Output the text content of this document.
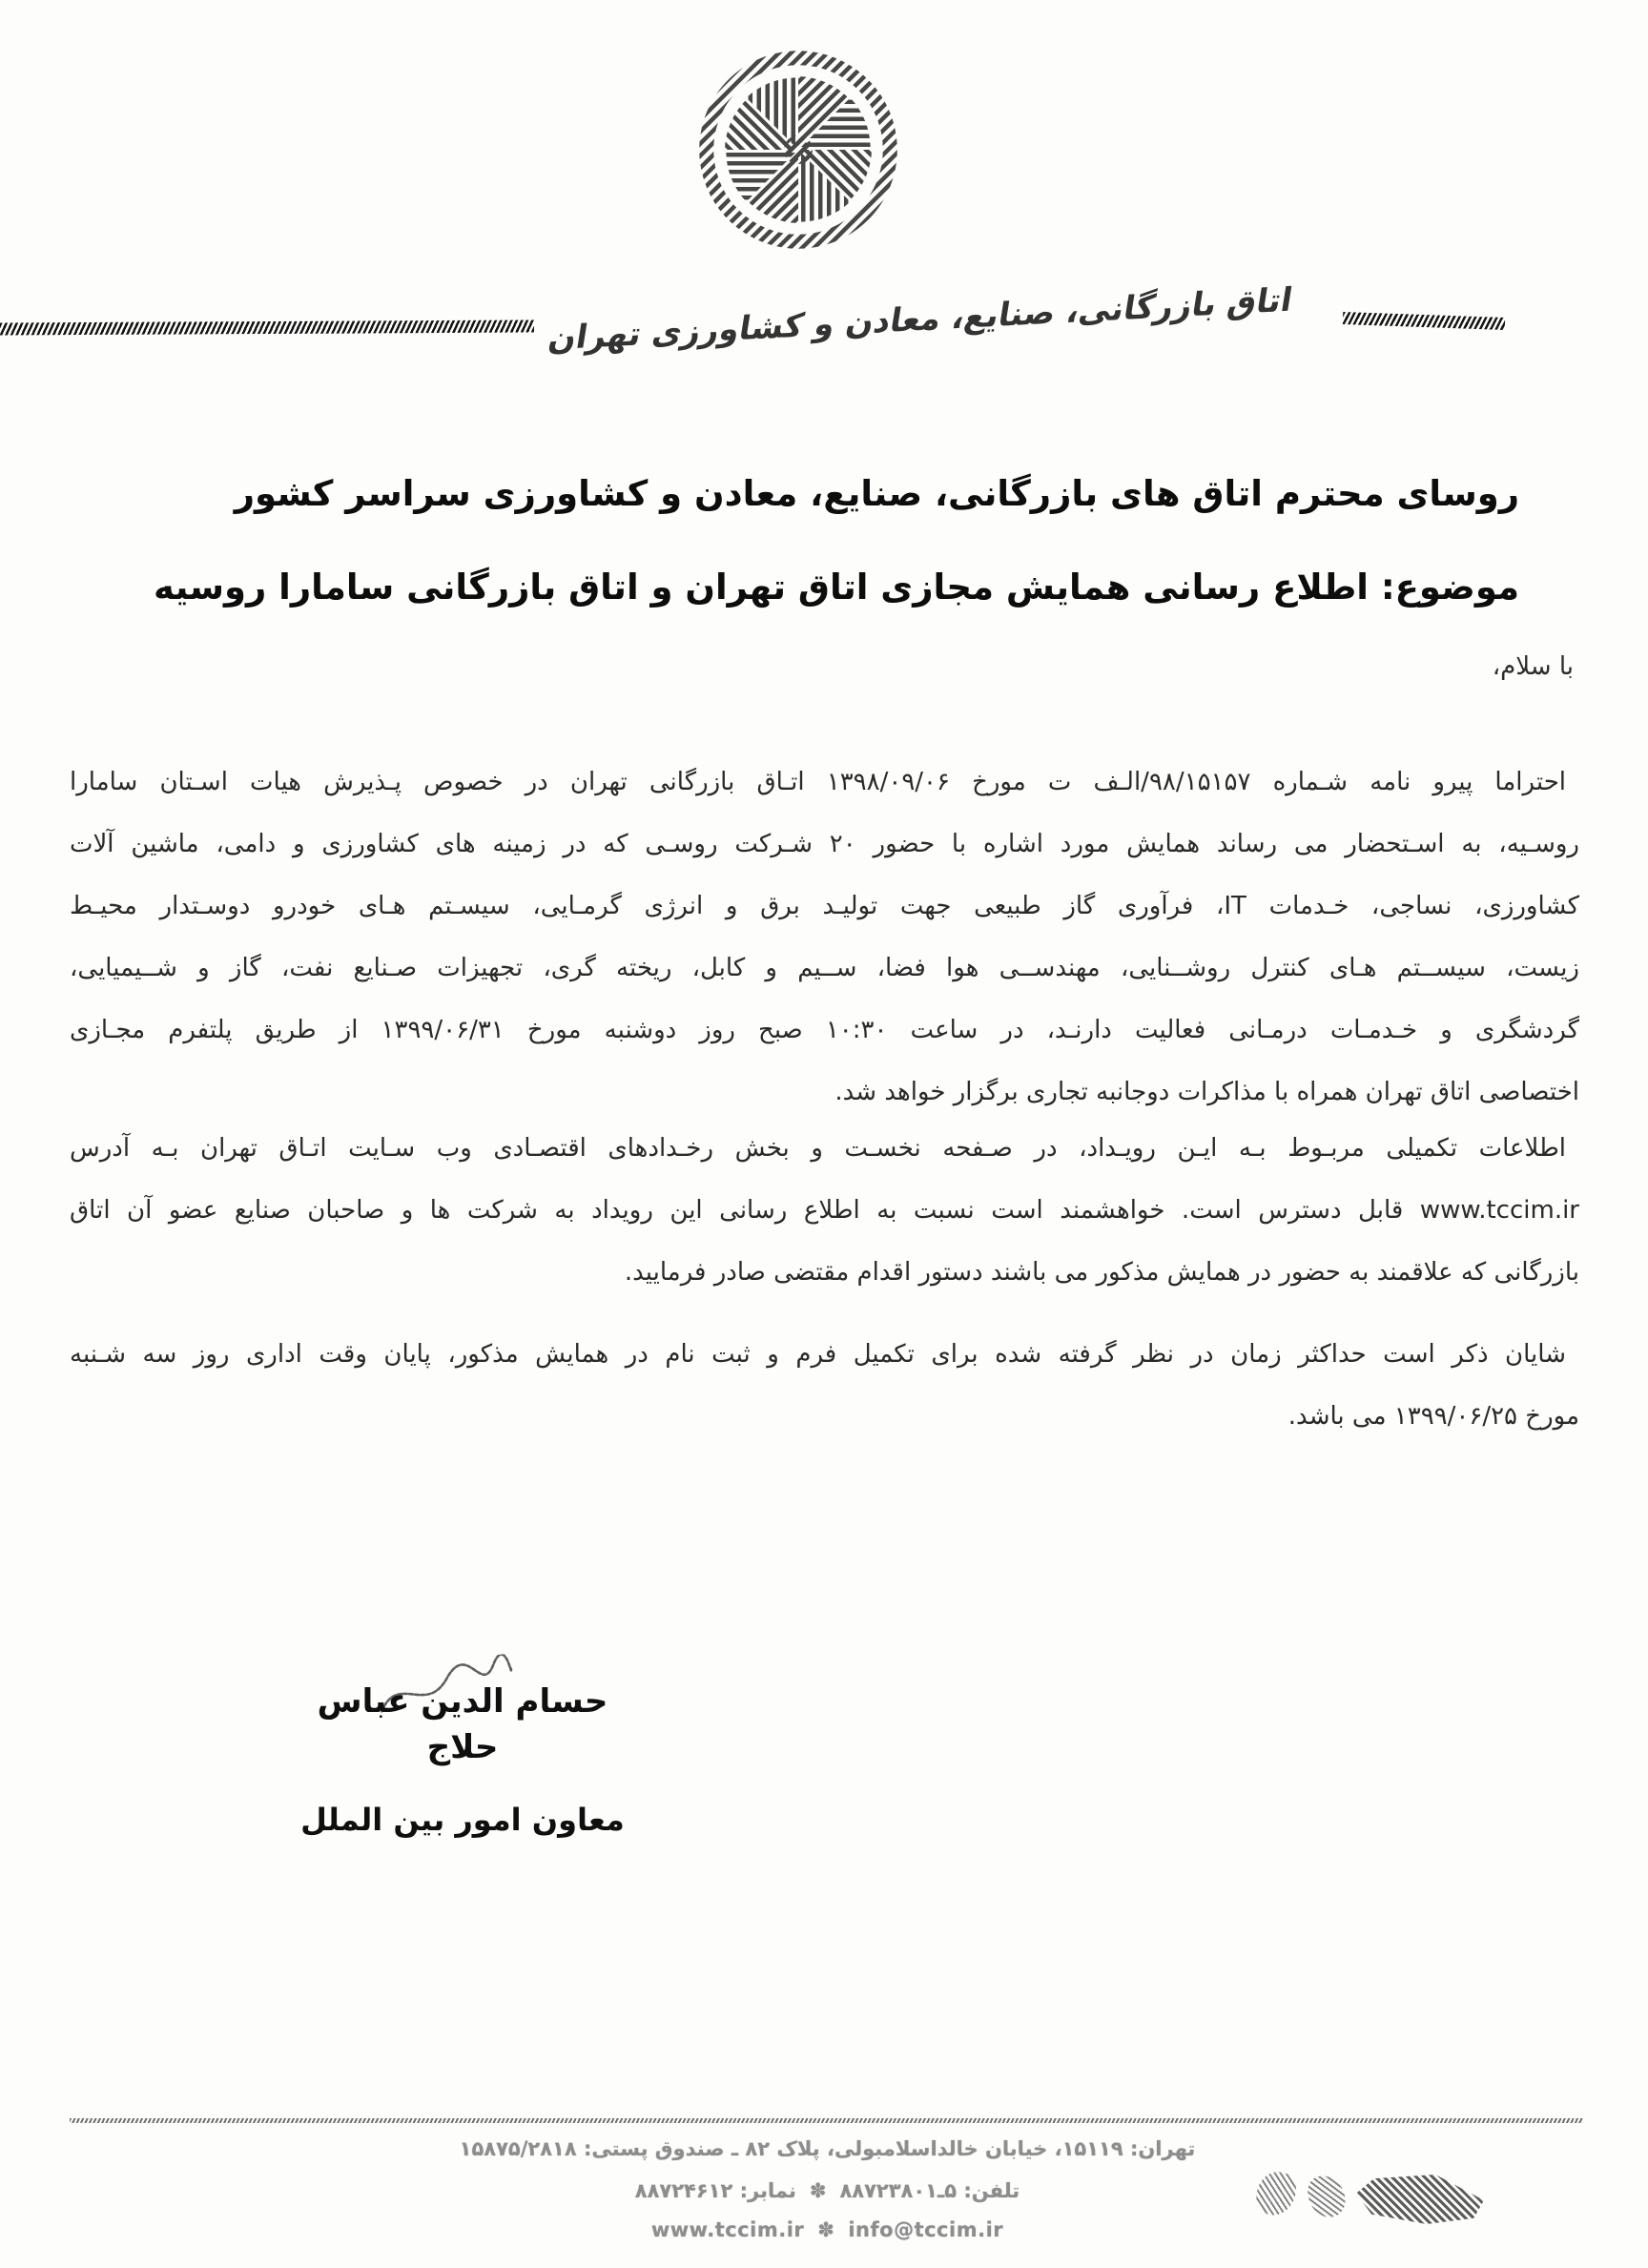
اتاق بازرگانی، صنایع، معادن و کشاورزی تهران
روسای محترم اتاق های بازرگانی، صنایع، معادن و کشاورزی سراسر کشور
موضوع: اطلاع رسانی همایش مجازی اتاق تهران و اتاق بازرگانی سامارا روسیه
با سلام،
احتراما پیرو نامه شـماره ۹۸/۱۵۱۵۷/الـف ت مورخ ۱۳۹۸/۰۹/۰۶ اتـاق بازرگانی تهران در خصوص پـذیرش هیات اسـتان سامارا
روسـیه، به اسـتحضار می رساند همایش مورد اشاره با حضور ۲۰ شـرکت روسـی که در زمینه های کشاورزی و دامی، ماشین آلات
کشاورزی، نساجی، خـدمات IT، فرآوری گاز طبیعی جهت تولیـد برق و انرژی گرمـایی، سیسـتم هـای خودرو دوسـتدار محیـط
زیست، سیســتم هـای کنترل روشــنایی، مهندســی هوا فضا، ســیم و کابل، ریخته گری، تجهیزات صـنایع نفت، گاز و شــیمیایی،
گردشگری و خـدمـات درمـانی فعالیت دارنـد، در ساعت ۱۰:۳۰ صبح روز دوشنبه مورخ ۱۳۹۹/۰۶/۳۱ از طریق پلتفرم مجـازی
اختصاصی اتاق تهران همراه با مذاکرات دوجانبه تجاری برگزار خواهد شد.
اطلاعات تکمیلی مربـوط بـه ایـن رویـداد، در صـفحه نخسـت و بخش رخـدادهای اقتصـادی وب سـایت اتـاق تهران بـه آدرس
www.tccim.ir قابل دسترس است. خواهشمند است نسبت به اطلاع رسانی این رویداد به شرکت ها و صاحبان صنایع عضو آن اتاق
بازرگانی که علاقمند به حضور در همایش مذکور می باشند دستور اقدام مقتضی صادر فرمایید.
شایان ذکر است حداکثر زمان در نظر گرفته شده برای تکمیل فرم و ثبت نام در همایش مذکور، پایان وقت اداری روز سه شـنبه
مورخ ۱۳۹۹/۰۶/۲۵ می باشد.
حسام الدین عباس حلاج
معاون امور بین الملل
تهران: ۱۵۱۱۹، خیابان خالداسلامبولی، پلاک ۸۲ ـ صندوق پستی: ۱۵۸۷۵/۲۸۱۸
تلفن: ۵ـ۸۸۷۲۳۸۰۱✽نمابر: ۸۸۷۲۴۶۱۲
www.tccim.ir ✽ info@tccim.ir
